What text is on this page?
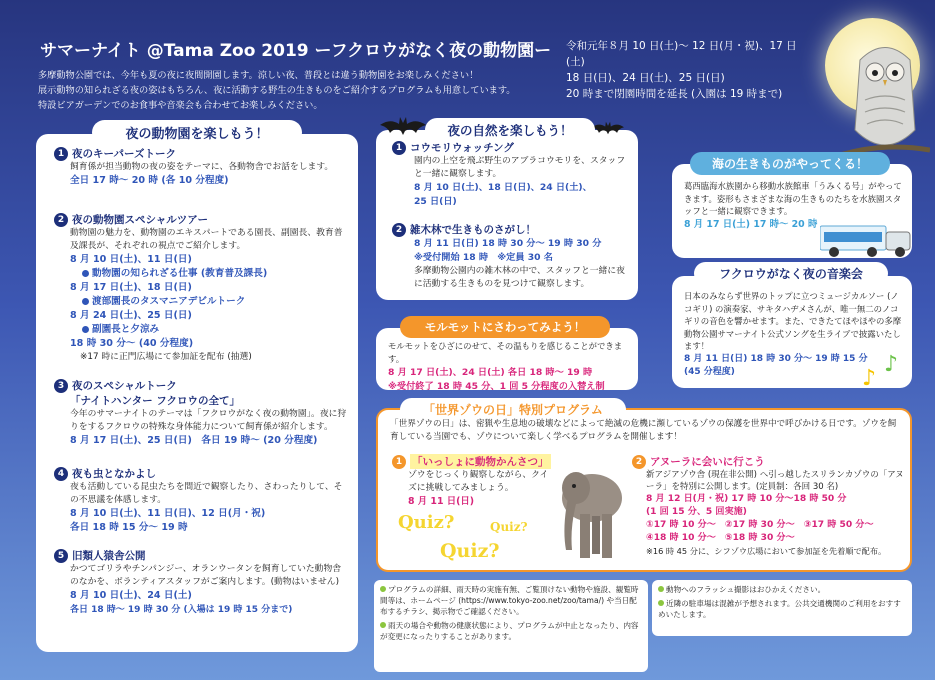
サマーナイト @Tama Zoo 2019 ーフクロウがなく夜の動物園ー
多摩動物公園では、今年も夏の夜に夜間開園します。涼しい夜、普段とは違う動物園をお楽しみください！
展示動物の知られざる夜の姿はもちろん、夜に活動する野生の生きものをご紹介するプログラムも用意しています。
特設ビアガーデンでのお食事や音楽会も合わせてお楽しみください。
令和元年８月 10 日(土)〜 12 日(月・祝)、17 日(土)
18 日(日)、24 日(土)、25 日(日)
20 時まで閉園時間を延長 (入園は 19 時まで)
夜の動物園を楽しもう！
1 夜のキーパーズトーク
飼育係が担当動物の夜の姿をテーマに、各動物舎でお話をします。
全日 17 時〜 20 時 (各 10 分程度)
2 夜の動物園スペシャルツアー
動物園の魅力を、動物園のエキスパートである園長、副園長、教育普及課長が、それぞれの視点でご紹介します。
8 月 10 日(土)、11 日(日)
動物園の知られざる仕事 (教育普及課長)
8 月 17 日(土)、18 日(日)
渡部園長のタスマニアデビルトーク
8 月 24 日(土)、25 日(日)
副園長と夕涼み
18 時 30 分〜 (40 分程度)
※17 時に正門広場にて参加証を配布 (抽選)
3 夜のスペシャルトーク
「ナイトハンター フクロウの全て」
今年のサマーナイトのテーマは「フクロウがなく夜の動物園」。夜に狩りをするフクロウの特殊な身体能力について飼育係が紹介します。
8 月 17 日(土)、25 日(日)　各日 19 時〜 (20 分程度)
4 夜も虫となかよし
夜も活動している昆虫たちを間近で観察したり、さわったりして、その不思議を体感します。
8 月 10 日(土)、11 日(日)、12 日(月・祝)
各日 18 時 15 分〜 19 時
5 旧類人猿舎公開
かつてゴリラやチンパンジー、オランウータンを飼育していた動物舎のなかを、ボランティアスタッフがご案内します。(動物はいません)
8 月 10 日(土)、24 日(土)
各日 18 時〜 19 時 30 分 (入場は 19 時 15 分まで)
夜の自然を楽しもう！
1 コウモリウォッチング
園内の上空を飛ぶ野生のアブラコウモリを、スタッフと一緒に観察します。
8 月 10 日(土)、18 日(日)、24 日(土)、
25 日(日)
2 雑木林で生きものさがし！
8 月 11 日(日) 18 時 30 分〜 19 時 30 分
※受付開始 18 時　※定員 30 名
多摩動物公園内の雑木林の中で、スタッフと一緒に夜に活動する生きものを見つけて観察します。
モルモットにさわってみよう！
モルモットをひざにのせて、その温もりを感じることができます。
8 月 17 日(土)、24 日(土) 各日 18 時〜 19 時
※受付終了 18 時 45 分、1 回 5 分程度の入替え制
海の生きものがやってくる！
葛西臨海水族園から移動水族館車「うみくる号」がやってきます。姿形もさまざまな海の生きものたちを水族園スタッフと一緒に観察できます。
8 月 17 日(土) 17 時〜 20 時
フクロウがなく夜の音楽会
日本のみならず世界のトップに立つミュージカルソー (ノコギリ) の演奏家、サキタハヂメさんが、唯一無二のノコギリの音色を響かせます。また、できたてほやほやの多摩動物公園サマーナイト公式ソングを生ライブで披露いたします！
8 月 11 日(日) 18 時 30 分〜 19 時 15 分
(45 分程度)	♪
♪
「世界ゾウの日」特別プログラム
「世界ゾウの日」は、密猟や生息地の破壊などによって絶滅の危機に瀕しているゾウの保護を世界中で呼びかける日です。ゾウを飼育している当園でも、ゾウについて楽しく学べるプログラムを開催します！
1 「いっしょに動物かんさつ」
ゾウをじっくり観察しながら、クイズに挑戦してみましょう。
8 月 11 日(日)
Quiz?	Quiz?
Quiz?
2 アヌーラに会いに行こう
新アジアゾウ舎 (現在非公開) へ引っ越したスリランカゾウの「アヌーラ」を特別に公開します。(定員制：各回 30 名)
8 月 12 日(月・祝) 17 時 10 分〜18 時 50 分
(1 回 15 分、5 回実施)
①17 時 10 分〜　②17 時 30 分〜　③17 時 50 分〜
④18 時 10 分〜　⑤18 時 30 分〜
※16 時 45 分に、シフゾウ広場において参加証を先着順で配布。
プログラムの詳細、雨天時の実施有無、ご覧頂けない動物や施設、観覧時間等は、ホームページ (https://www.tokyo-zoo.net/zoo/tama/) や当日配布するチラシ、掲示物でご確認ください。
雨天の場合や動物の健康状態により、プログラムが中止となったり、内容が変更になったりすることがあります。
動物へのフラッシュ撮影はおひかえください。
近隣の駐車場は混雑が予想されます。公共交通機関のご利用をおすすめいたします。
